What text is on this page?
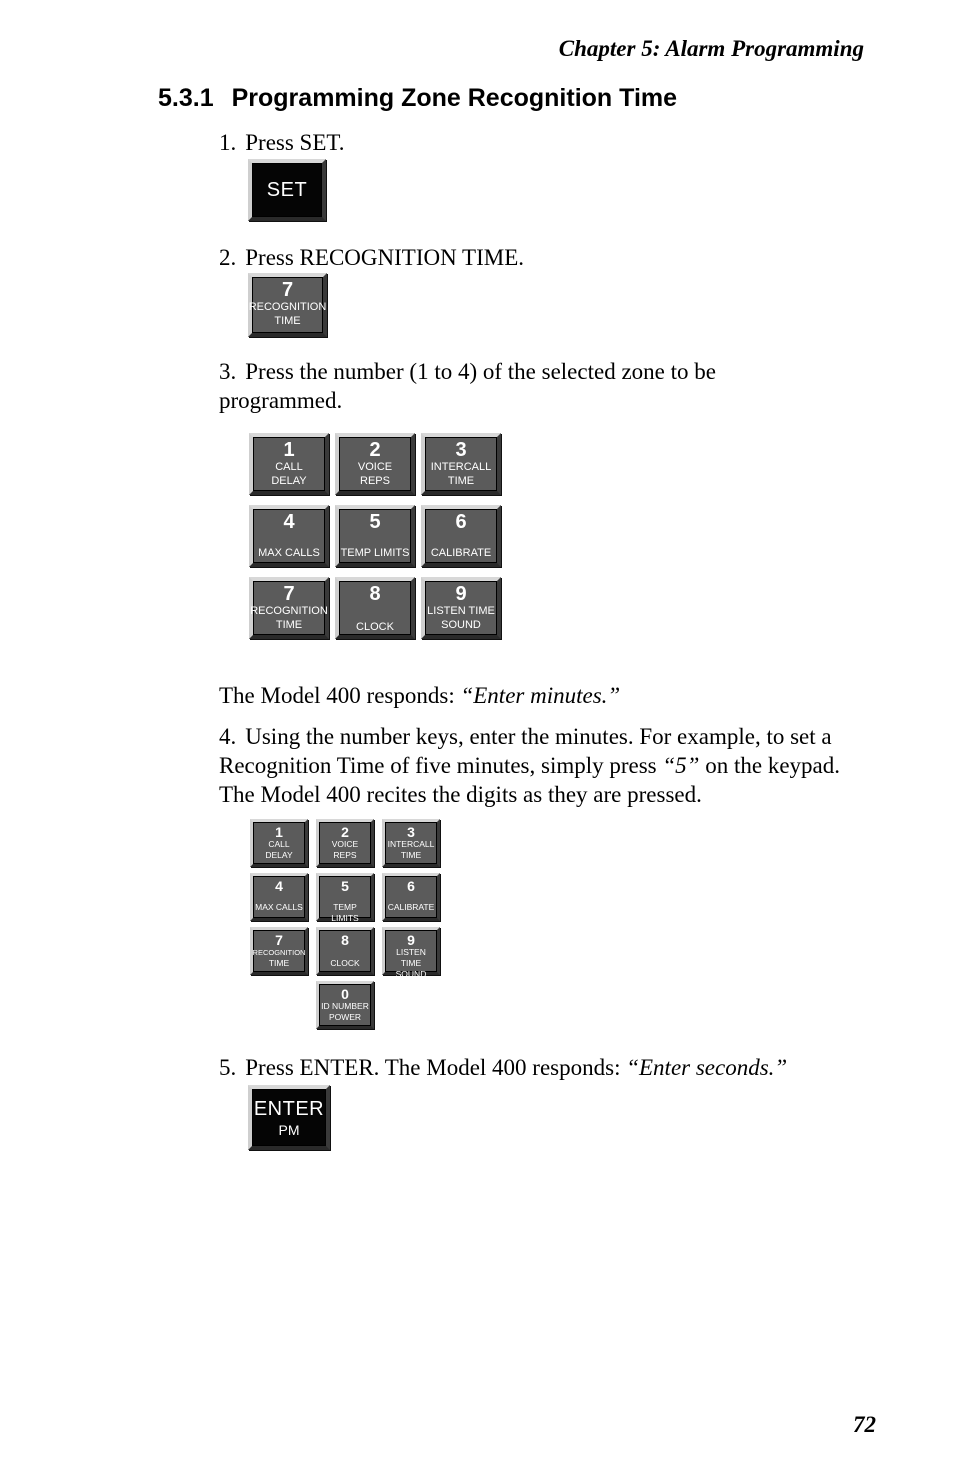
Chapter 5: Alarm Programming
5.3.1 Programming Zone Recognition Time
1. Press SET.
SET
2. Press RECOGNITION TIME.
7
RECOGNITION
TIME
3. Press the number (1 to 4) of the selected zone to be programmed.
1
CALL
DELAY
2
VOICE
REPS
3
INTERCALL
TIME
4
MAX CALLS
5
TEMP LIMITS
6
CALIBRATE
7
RECOGNITION
TIME
8
CLOCK
9
LISTEN TIME
SOUND
The Model 400 responds: “Enter minutes.”
4. Using the number keys, enter the minutes. For example, to set a Recognition Time of five minutes, simply press “5” on the keypad. The Model 400 recites the digits as they are pressed.
1
CALL
DELAY
2
VOICE
REPS
3
INTERCALL
TIME
4
MAX CALLS
5
TEMP LIMITS
6
CALIBRATE
7
RECOGNITION
TIME
8
CLOCK
9
LISTEN TIME
SOUND
0
ID NUMBER
POWER
5. Press ENTER. The Model 400 responds: “Enter seconds.”
ENTER
PM
72
